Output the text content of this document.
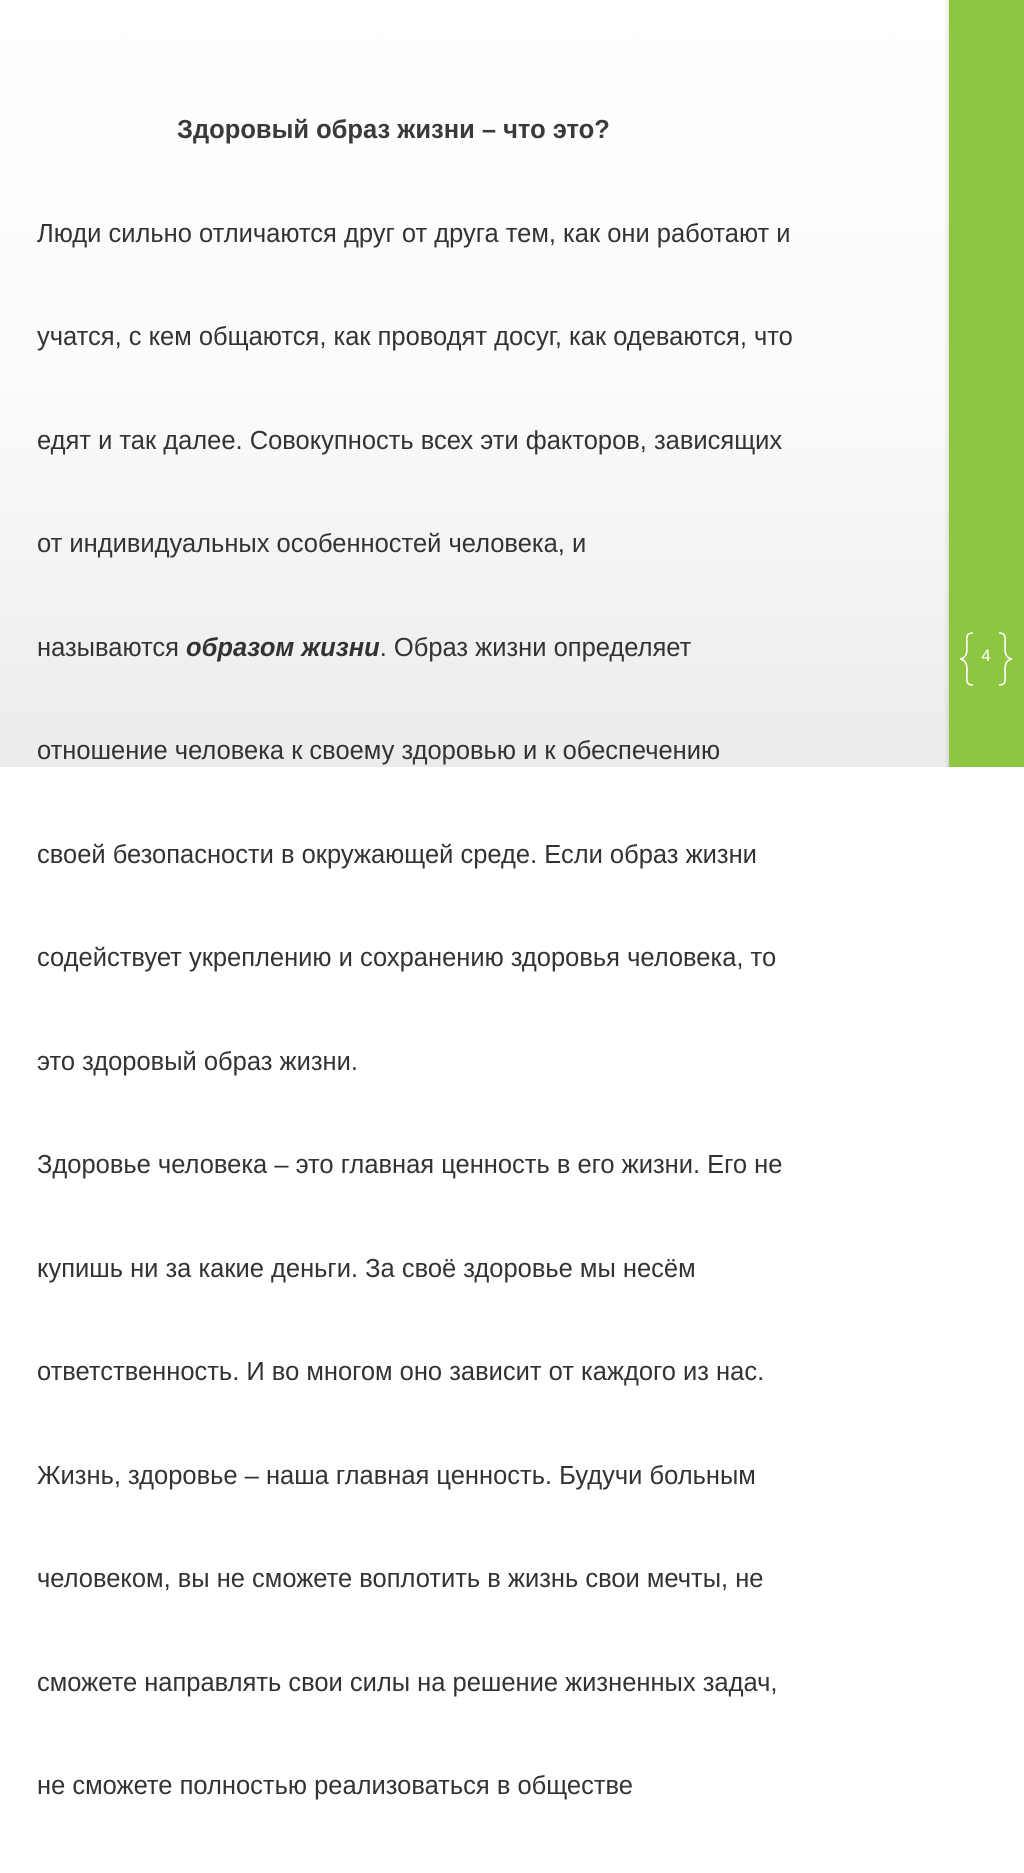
Здоровый образ жизни – что это?

Люди сильно отличаются друг от друга тем, как они работают и

учатся, с кем общаются, как проводят досуг, как одеваются, что

едят и так далее. Совокупность всех эти факторов, зависящих

от индивидуальных особенностей человека, и

называются образом жизни. Образ жизни определяет

отношение человека к своему здоровью и к обеспечению

своей безопасности в окружающей среде. Если образ жизни

содействует укреплению и сохранению здоровья человека, то

это здоровый образ жизни.

Здоровье человека – это главная ценность в его жизни. Его не

купишь ни за какие деньги. За своё здоровье мы несём

ответственность. И во многом оно зависит от каждого из нас.

Жизнь, здоровье – наша главная ценность. Будучи больным

человеком, вы не сможете воплотить в жизнь свои мечты, не

сможете направлять свои силы на решение жизненных задач,

не сможете полностью реализоваться в обществе

4
